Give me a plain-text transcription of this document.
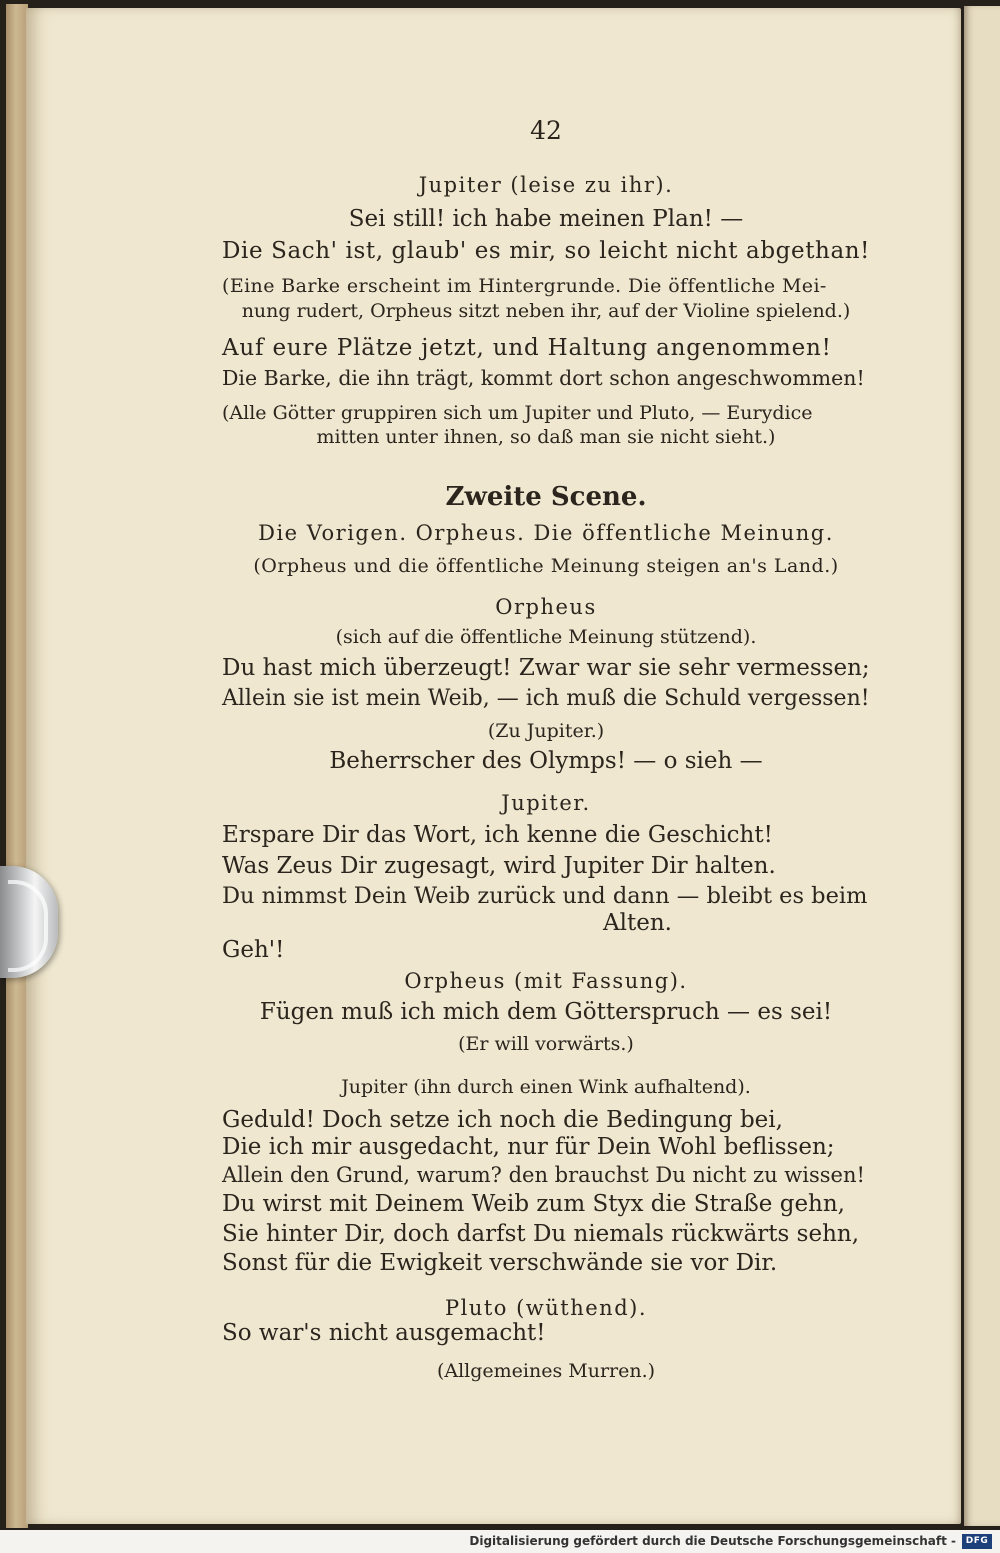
42
Jupiter (leise zu ihr).
Sei still! ich habe meinen Plan! —
Die Sach' ist, glaub' es mir, so leicht nicht abgethan!
(Eine Barke erscheint im Hintergrunde. Die öffentliche Mei-
nung rudert, Orpheus sitzt neben ihr, auf der Violine spielend.)
Auf eure Plätze jetzt, und Haltung angenommen!
Die Barke, die ihn trägt, kommt dort schon angeschwommen!
(Alle Götter gruppiren sich um Jupiter und Pluto, — Eurydice
mitten unter ihnen, so daß man sie nicht sieht.)
Zweite Scene.
Die Vorigen. Orpheus. Die öffentliche Meinung.
(Orpheus und die öffentliche Meinung steigen an's Land.)
Orpheus
(sich auf die öffentliche Meinung stützend).
Du hast mich überzeugt! Zwar war sie sehr vermessen;
Allein sie ist mein Weib, — ich muß die Schuld vergessen!
(Zu Jupiter.)
Beherrscher des Olymps! — o sieh —
Jupiter.
Erspare Dir das Wort, ich kenne die Geschicht!
Was Zeus Dir zugesagt, wird Jupiter Dir halten.
Du nimmst Dein Weib zurück und dann — bleibt es beim
Alten.
Geh'!
Orpheus (mit Fassung).
Fügen muß ich mich dem Götterspruch — es sei!
(Er will vorwärts.)
Jupiter (ihn durch einen Wink aufhaltend).
Geduld! Doch setze ich noch die Bedingung bei,
Die ich mir ausgedacht, nur für Dein Wohl beflissen;
Allein den Grund, warum? den brauchst Du nicht zu wissen!
Du wirst mit Deinem Weib zum Styx die Straße gehn,
Sie hinter Dir, doch darfst Du niemals rückwärts sehn,
Sonst für die Ewigkeit verschwände sie vor Dir.
Pluto (wüthend).
So war's nicht ausgemacht!
(Allgemeines Murren.)
Digitalisierung gefördert durch die Deutsche Forschungsgemeinschaft -	DFG
